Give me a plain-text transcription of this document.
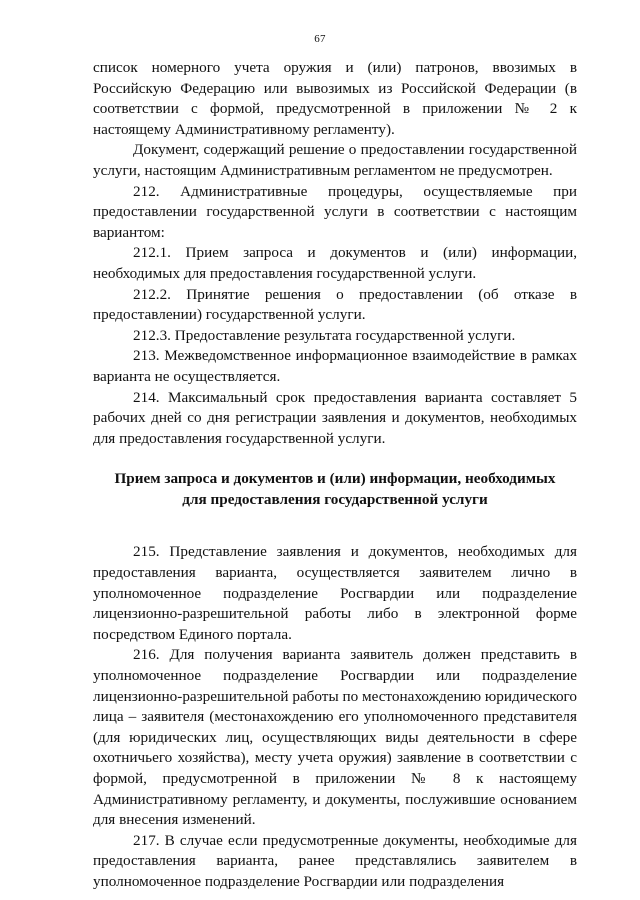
67

список номерного учета оружия и (или) патронов, ввозимых в Российскую Федерацию или вывозимых из Российской Федерации (в соответствии с формой, предусмотренной в приложении № 2 к настоящему Административному регламенту).

Документ, содержащий решение о предоставлении государственной услуги, настоящим Административным регламентом не предусмотрен.

212. Административные процедуры, осуществляемые при предоставлении государственной услуги в соответствии с настоящим вариантом:

212.1. Прием запроса и документов и (или) информации, необходимых для предоставления государственной услуги.

212.2. Принятие решения о предоставлении (об отказе в предоставлении) государственной услуги.

212.3. Предоставление результата государственной услуги.

213. Межведомственное информационное взаимодействие в рамках варианта не осуществляется.

214. Максимальный срок предоставления варианта составляет 5 рабочих дней со дня регистрации заявления и документов, необходимых для предоставления государственной услуги.

Прием запроса и документов и (или) информации, необходимых
для предоставления государственной услуги

215. Представление заявления и документов, необходимых для предоставления варианта, осуществляется заявителем лично в уполномоченное подразделение Росгвардии или подразделение лицензионно-разрешительной работы либо в электронной форме посредством Единого портала.

216. Для получения варианта заявитель должен представить в уполномоченное подразделение Росгвардии или подразделение лицензионно-разрешительной работы по местонахождению юридического лица – заявителя (местонахождению его уполномоченного представителя (для юридических лиц, осуществляющих виды деятельности в сфере охотничьего хозяйства), месту учета оружия) заявление в соответствии с формой, предусмотренной в приложении № 8 к настоящему Административному регламенту, и документы, послужившие основанием для внесения изменений.

217. В случае если предусмотренные документы, необходимые для предоставления варианта, ранее представлялись заявителем в уполномоченное подразделение Росгвардии или подразделения
